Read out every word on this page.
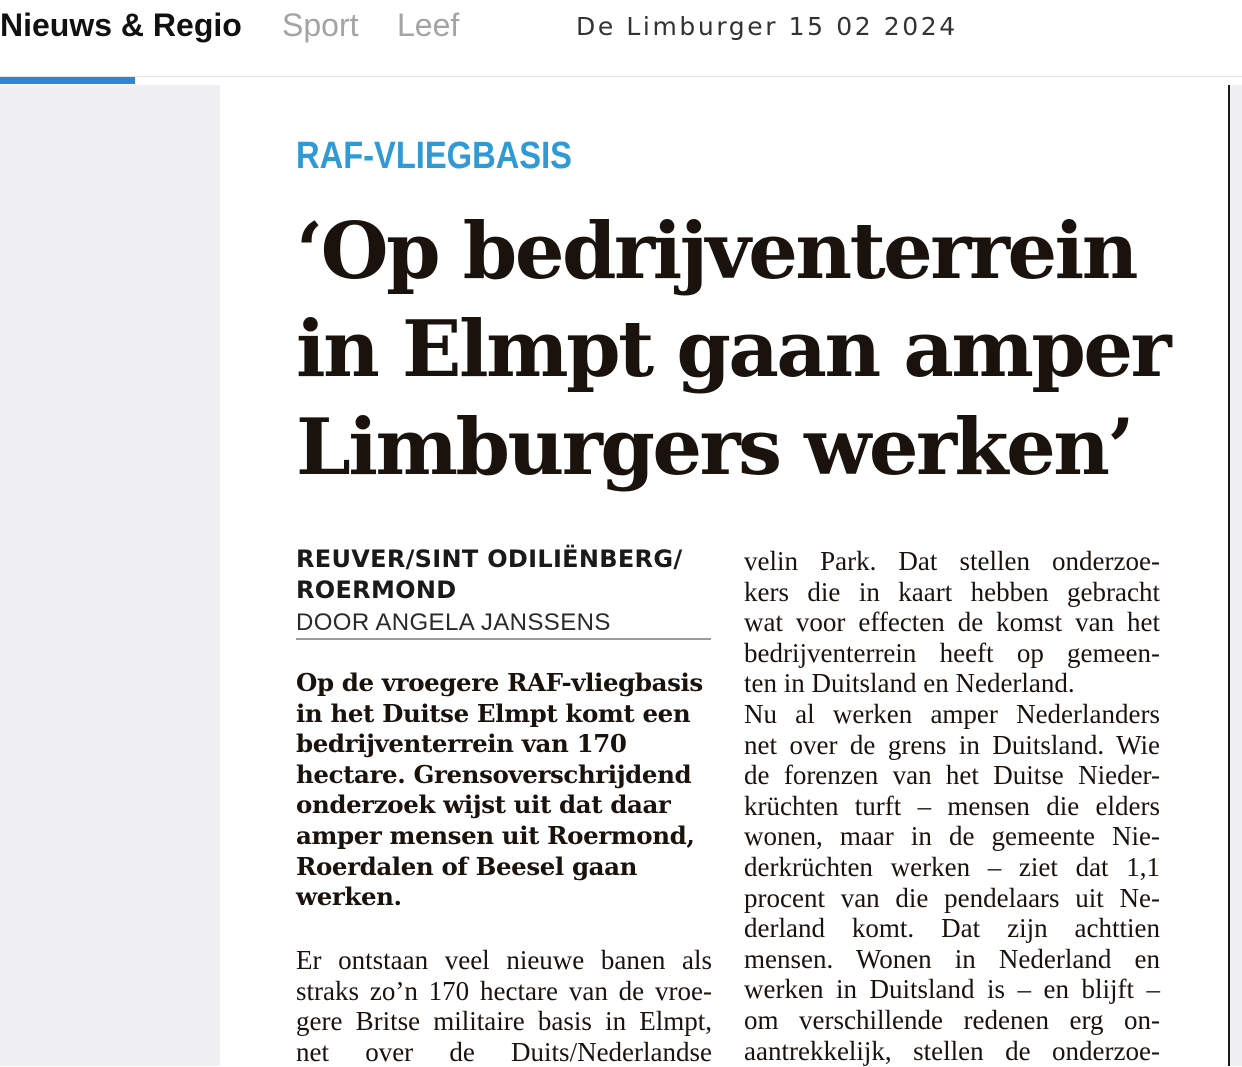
Nieuws & Regio Sport Leef	De Limburger 15 02 2024
RAF-VLIEGBASIS
‘Op bedrijventerrein
in Elmpt gaan amper
Limburgers werken’
REUVER/SINT ODILIËNBERG/
ROERMOND
DOOR ANGELA JANSSENS
Op de vroegere RAF-vliegbasis
in het Duitse Elmpt komt een
bedrijventerrein van 170
hectare. Grensoverschrijdend
onderzoek wijst uit dat daar
amper mensen uit Roermond,
Roerdalen of Beesel gaan
werken.
Er ontstaan veel nieuwe banen als
straks zo’n 170 hectare van de vroe-
gere Britse militaire basis in Elmpt,
net over de Duits/Nederlandse
velin Park. Dat stellen onderzoe-
kers die in kaart hebben gebracht
wat voor effecten de komst van het
bedrijventerrein heeft op gemeen-
ten in Duitsland en Nederland.
Nu al werken amper Nederlanders
net over de grens in Duitsland. Wie
de forenzen van het Duitse Nieder-
krüchten turft – mensen die elders
wonen, maar in de gemeente Nie-
derkrüchten werken – ziet dat 1,1
procent van die pendelaars uit Ne-
derland komt. Dat zijn achttien
mensen. Wonen in Nederland en
werken in Duitsland is – en blijft –
om verschillende redenen erg on-
aantrekkelijk, stellen de onderzoe-
